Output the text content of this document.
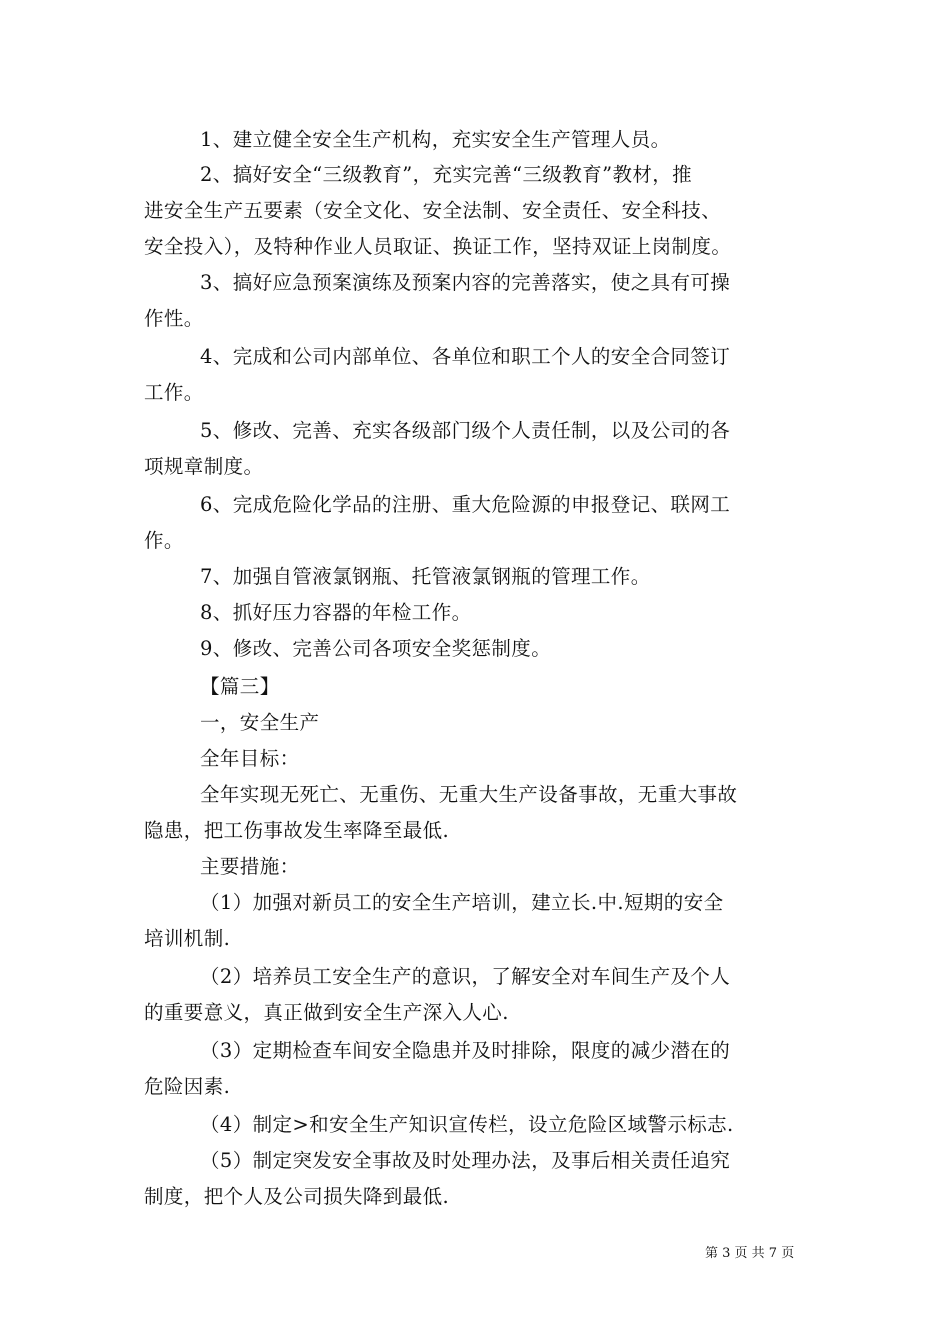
1、建立健全安全生产机构，充实安全生产管理人员。
2、搞好安全“三级教育”，充实完善“三级教育”教材，推
进安全生产五要素（安全文化、安全法制、安全责任、安全科技、
安全投入），及特种作业人员取证、换证工作，坚持双证上岗制度。
3、搞好应急预案演练及预案内容的完善落实，使之具有可操
作性。
4、完成和公司内部单位、各单位和职工个人的安全合同签订
工作。
5、修改、完善、充实各级部门级个人责任制，以及公司的各
项规章制度。
6、完成危险化学品的注册、重大危险源的申报登记、联网工
作。
7、加强自管液氯钢瓶、托管液氯钢瓶的管理工作。
8、抓好压力容器的年检工作。
9、修改、完善公司各项安全奖惩制度。
【篇三】
一，安全生产
全年目标：
全年实现无死亡、无重伤、无重大生产设备事故，无重大事故
隐患，把工伤事故发生率降至最低.
主要措施：
（1）加强对新员工的安全生产培训，建立长.中.短期的安全
培训机制.
（2）培养员工安全生产的意识，了解安全对车间生产及个人
的重要意义，真正做到安全生产深入人心.
（3）定期检查车间安全隐患并及时排除，限度的减少潜在的
危险因素.
（4）制定>和安全生产知识宣传栏，设立危险区域警示标志.
（5）制定突发安全事故及时处理办法，及事后相关责任追究
制度，把个人及公司损失降到最低.
第 3 页 共 7 页
